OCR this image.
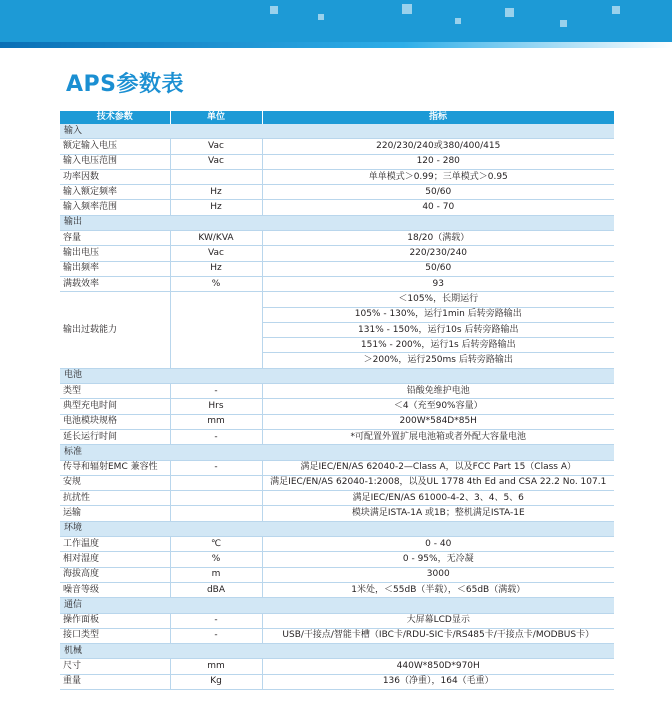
APS参数表
技术参数	单位	指标
输入		
额定输入电压	Vac	220/230/240或380/400/415
输入电压范围	Vac	120 - 280
功率因数		单单模式＞0.99；三单模式＞0.95
输入额定频率	Hz	50/60
输入频率范围	Hz	40 - 70
输出		
容量	KW/KVA	18/20（满载）
输出电压	Vac	220/230/240
输出频率	Hz	50/60
满载效率	%	93
输出过载能力		＜105%，长期运行
		105% - 130%，运行1min 后转旁路输出
		131% - 150%，运行10s 后转旁路输出
		151% - 200%，运行1s 后转旁路输出
		＞200%，运行250ms 后转旁路输出
电池		
类型	-	铅酸免维护电池
典型充电时间	Hrs	＜4（充至90%容量）
电池模块规格	mm	200W*584D*85H
延长运行时间	-	*可配置外置扩展电池箱或者外配大容量电池
标准		
传导和辐射EMC 兼容性	-	满足IEC/EN/AS 62040-2—Class A，以及FCC Part 15（Class A）
安规		满足IEC/EN/AS 62040-1:2008，以及UL 1778 4th Ed and CSA 22.2 No. 107.1
抗扰性		满足IEC/EN/AS 61000-4-2、3、4、5、6
运输		模块满足ISTA-1A 或1B；整机满足ISTA-1E
环境		
工作温度	℃	0 - 40
相对湿度	%	0 - 95%，无冷凝
海拔高度	m	3000
噪音等级	dBA	1米处，＜55dB（半载），＜65dB（满载）
通信		
操作面板	-	大屏幕LCD显示
接口类型	-	USB/干接点/智能卡槽（IBC卡/RDU-SIC卡/RS485卡/干接点卡/MODBUS卡）
机械		
尺寸	mm	440W*850D*970H
重量	Kg	136（净重），164（毛重）
